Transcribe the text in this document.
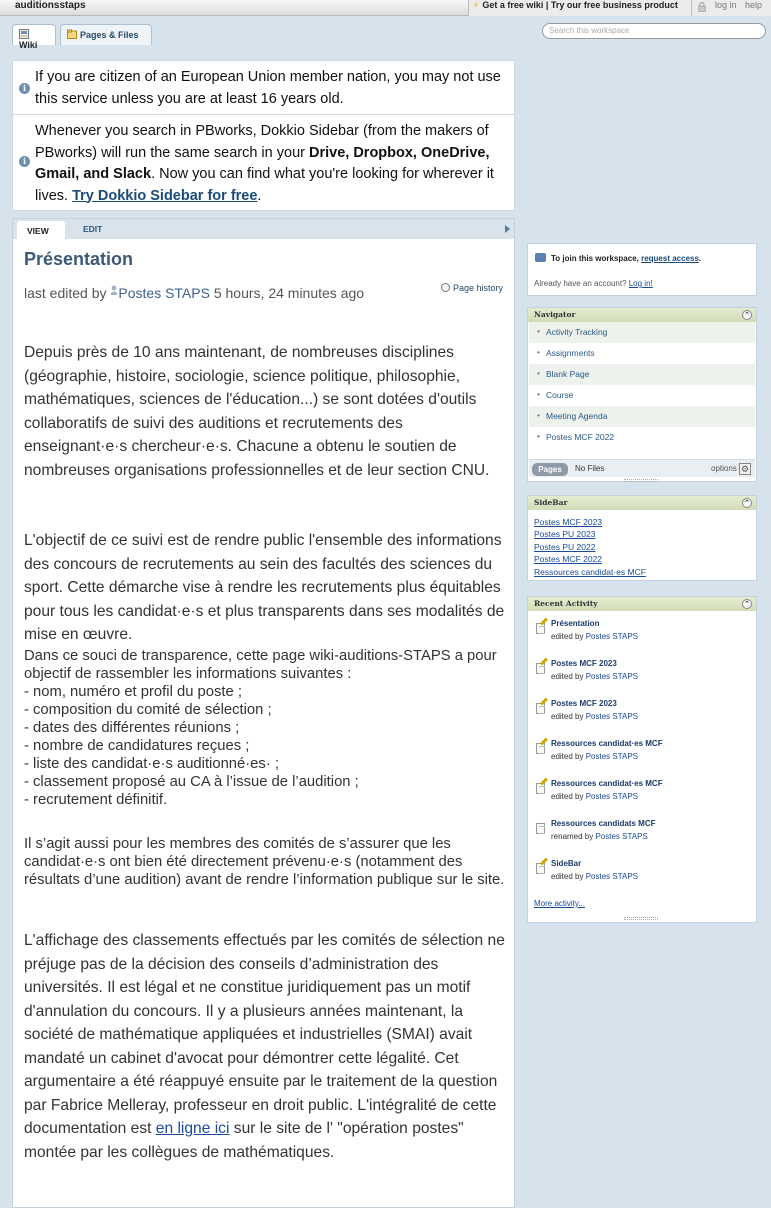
auditionsstaps	⚡ Get a free wiki | Try our free business product	log in help
Wiki
Pages & Files	Search this workspace
i
If you are citizen of an European Union member nation, you may not use this service unless you are at least 16 years old.
i
Whenever you search in PBworks, Dokkio Sidebar (from the makers of PBworks) will run the same search in your Drive, Dropbox, OneDrive, Gmail, and Slack. Now you can find what you're looking for wherever it lives. Try Dokkio Sidebar for free.
VIEW	EDIT
Présentation
last edited by Postes STAPS 5 hours, 24 minutes ago	Page history
Depuis près de 10 ans maintenant, de nombreuses disciplines (géographie, histoire, sociologie, science politique, philosophie, mathématiques, sciences de l'éducation...) se sont dotées d'outils collaboratifs de suivi des auditions et recrutements des enseignant·e·s chercheur·e·s. Chacune a obtenu le soutien de nombreuses organisations professionnelles et de leur section CNU.
L'objectif de ce suivi est de rendre public l'ensemble des informations des concours de recrutements au sein des facultés des sciences du sport. Cette démarche vise à rendre les recrutements plus équitables pour tous les candidat·e·s et plus transparents dans ses modalités de mise en œuvre.
Dans ce souci de transparence, cette page wiki-auditions-STAPS a pour objectif de rassembler les informations suivantes :
- nom, numéro et profil du poste ;
- composition du comité de sélection ;
- dates des différentes réunions ;
- nombre de candidatures reçues ;
- liste des candidat·e·s auditionné·es· ;
- classement proposé au CA à l’issue de l’audition ;
- recrutement définitif.
Il s’agit aussi pour les membres des comités de s’assurer que les candidat·e·s ont bien été directement prévenu·e·s (notamment des résultats d’une audition) avant de rendre l’information publique sur le site.
L'affichage des classements effectués par les comités de sélection ne préjuge pas de la décision des conseils d’administration des universités. Il est légal et ne constitue juridiquement pas un motif d'annulation du concours. Il y a plusieurs années maintenant, la société de mathématique appliquées et industrielles (SMAI) avait mandaté un cabinet d'avocat pour démontrer cette légalité. Cet argumentaire a été réappuyé ensuite par le traitement de la question par Fabrice Melleray, professeur en droit public. L'intégralité de cette documentation est en ligne ici sur le site de l' "opération postes" montée par les collègues de mathématiques.
To join this workspace, request access.
Already have an account? Log in!
Navigator	⌃
• Activity Tracking
• Assignments
• Blank Page
• Course
• Meeting Agenda
• Postes MCF 2022
Pages	No Files	options ⚙
SideBar	⌃
Postes MCF 2023
Postes PU 2023
Postes PU 2022
Postes MCF 2022
Ressources candidat·es MCF
Recent Activity	⌃
Présentation
edited by Postes STAPS
Postes MCF 2023
edited by Postes STAPS
Postes MCF 2023
edited by Postes STAPS
Ressources candidat·es MCF
edited by Postes STAPS
Ressources candidat·es MCF
edited by Postes STAPS
Ressources candidats MCF
renamed by Postes STAPS
SideBar
edited by Postes STAPS
More activity...
